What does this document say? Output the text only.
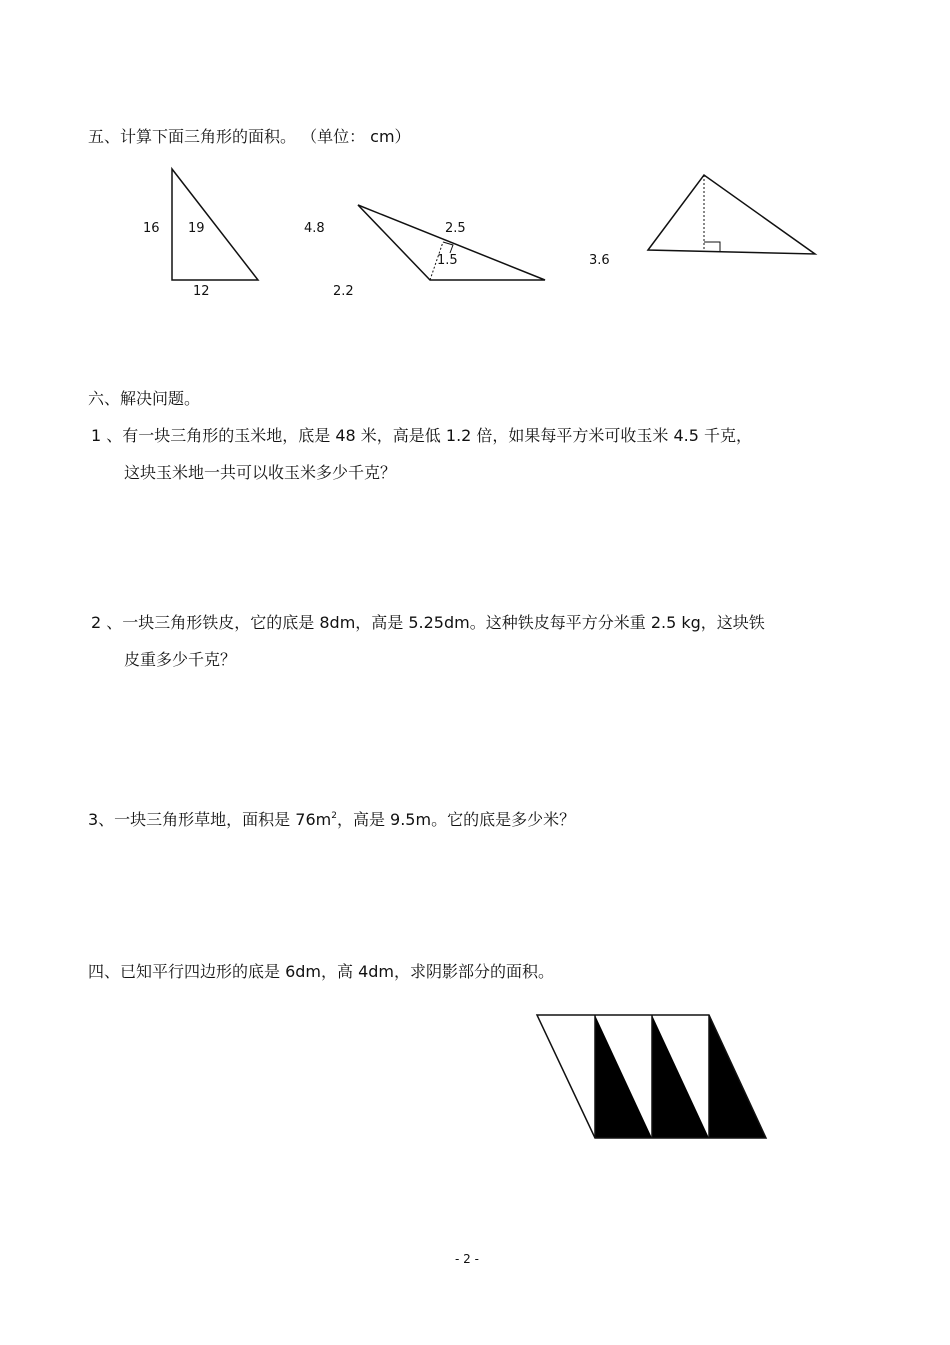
五、计算下面三角形的面积。 （单位： cm）
16 19
12
4.8	2.5
1.5
2.2
3.6
六、解决问题。
1 、有一块三角形的玉米地，底是 48 米，高是低 1.2 倍，如果每平方米可收玉米 4.5 千克，
这块玉米地一共可以收玉米多少千克？
2 、一块三角形铁皮，它的底是 8dm，高是 5.25dm。这种铁皮每平方分米重 2.5 kg，这块铁
皮重多少千克？
3、一块三角形草地，面积是 $76m^2$，高是 9.5m。它的底是多少米？
四、已知平行四边形的底是 6dm，高 4dm，求阴影部分的面积。
- 2 -
